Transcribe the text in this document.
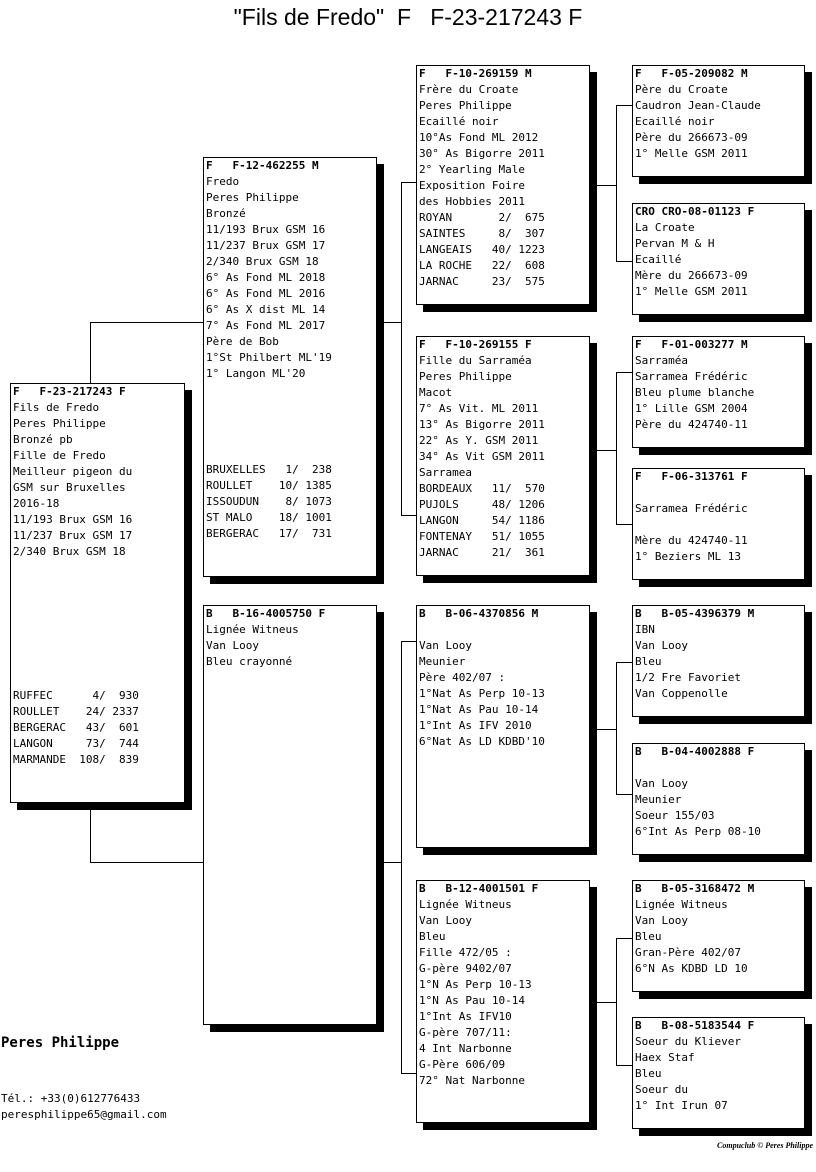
"Fils de Fredo" F F-23-217243 F
F   F-23-217243 F
Fils de Fredo
Peres Philippe
Bronzé pb
Fille de Fredo
Meilleur pigeon du
GSM sur Bruxelles
2016-18
11/193 Brux GSM 16
11/237 Brux GSM 17
2/340 Brux GSM 18
RUFFEC      4/  930
ROULLET    24/ 2337
BERGERAC   43/  601
LANGON     73/  744
MARMANDE  108/  839
F   F-12-462255 M
Fredo
Peres Philippe
Bronzé
11/193 Brux GSM 16
11/237 Brux GSM 17
2/340 Brux GSM 18
6° As Fond ML 2018
6° As Fond ML 2016
6° As X dist ML 14
7° As Fond ML 2017
Père de Bob
1°St Philbert ML'19
1° Langon ML'20
BRUXELLES   1/  238
ROULLET    10/ 1385
ISSOUDUN    8/ 1073
ST MALO    18/ 1001
BERGERAC   17/  731
B   B-16-4005750 F
Lignée Witneus
Van Looy
Bleu crayonné
F   F-10-269159 M
Frère du Croate
Peres Philippe
Ecaillé noir
10°As Fond ML 2012
30° As Bigorre 2011
2° Yearling Male
Exposition Foire
des Hobbies 2011
ROYAN       2/  675
SAINTES     8/  307
LANGEAIS   40/ 1223
LA ROCHE   22/  608
JARNAC     23/  575
F   F-10-269155 F
Fille du Sarraméa
Peres Philippe
Macot
7° As Vit. ML 2011
13° As Bigorre 2011
22° As Y. GSM 2011
34° As Vit GSM 2011
Sarramea
BORDEAUX   11/  570
PUJOLS     48/ 1206
LANGON     54/ 1186
FONTENAY   51/ 1055
JARNAC     21/  361
B   B-06-4370856 M
Van Looy
Meunier
Père 402/07 :
1°Nat As Perp 10-13
1°Nat As Pau 10-14
1°Int As IFV 2010
6°Nat As LD KDBD'10
B   B-12-4001501 F
Lignée Witneus
Van Looy
Bleu
Fille 472/05 :
G-père 9402/07
1°N As Perp 10-13
1°N As Pau 10-14
1°Int As IFV10
G-père 707/11:
4 Int Narbonne
G-Père 606/09
72° Nat Narbonne
F   F-05-209082 M
Père du Croate
Caudron Jean-Claude
Ecaillé noir
Père du 266673-09
1° Melle GSM 2011
CRO CRO-08-01123 F
La Croate
Pervan M & H
Ecaillé
Mère du 266673-09
1° Melle GSM 2011
F   F-01-003277 M
Sarraméa
Sarramea Frédéric
Bleu plume blanche
1° Lille GSM 2004
Père du 424740-11
F   F-06-313761 F
Sarramea Frédéric
Mère du 424740-11
1° Beziers ML 13
B   B-05-4396379 M
IBN
Van Looy
Bleu
1/2 Fre Favoriet
Van Coppenolle
B   B-04-4002888 F
Van Looy
Meunier
Soeur 155/03
6°Int As Perp 08-10
B   B-05-3168472 M
Lignée Witneus
Van Looy
Bleu
Gran-Père 402/07
6°N As KDBD LD 10
B   B-08-5183544 F
Soeur du Kliever
Haex Staf
Bleu
Soeur du
1° Int Irun 07
Peres Philippe
Tél.: +33(0)612776433
peresphilippe65@gmail.com
Compuclub © Peres Philippe
